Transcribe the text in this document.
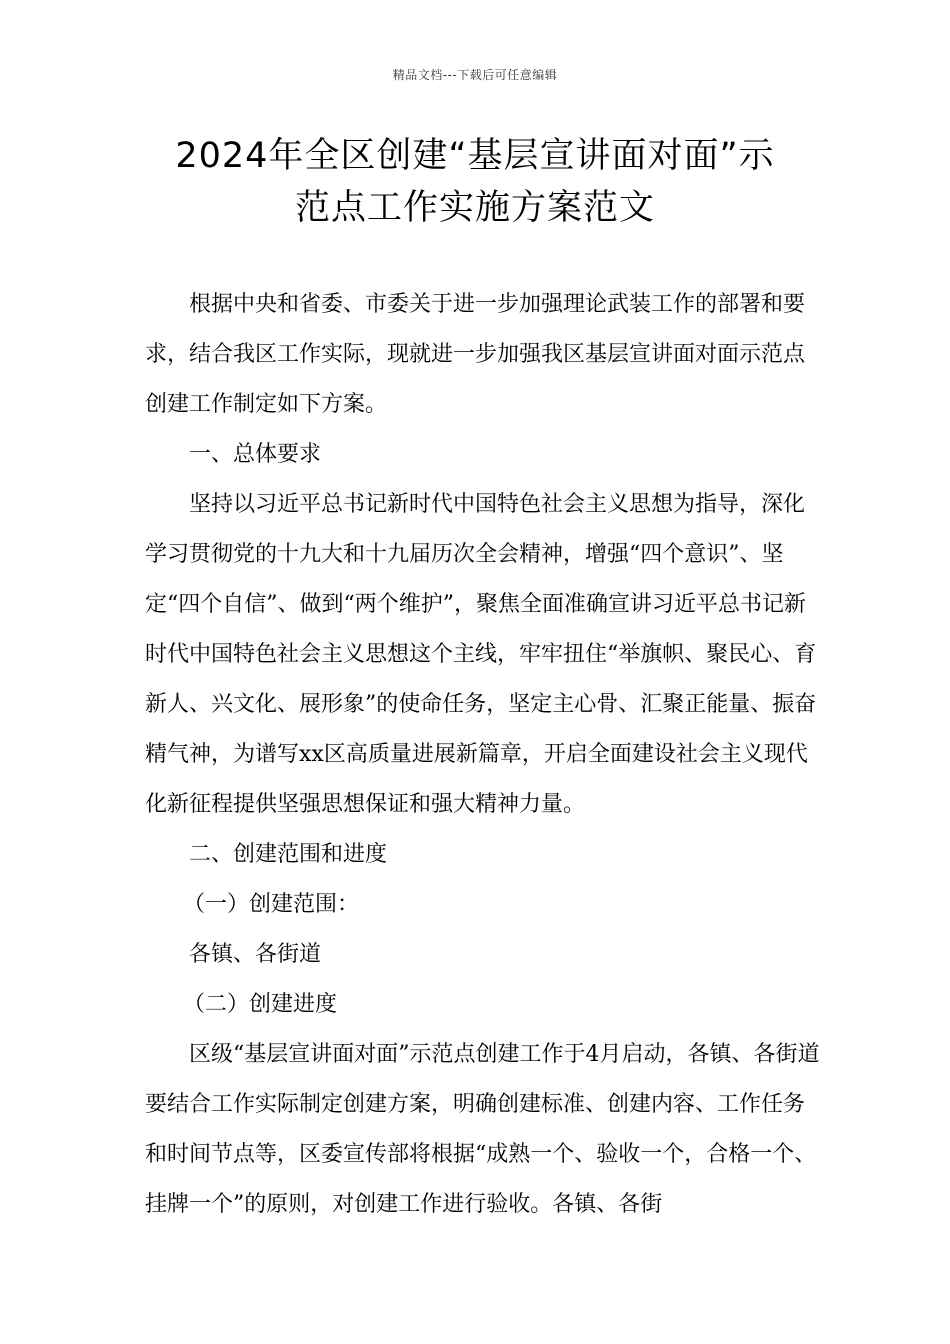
精品文档---下载后可任意编辑
2024年全区创建“基层宣讲面对面”示
范点工作实施方案范文

根据中央和省委、市委关于进一步加强理论武装工作的部署和要求，结合我区工作实际，现就进一步加强我区基层宣讲面对面示范点创建工作制定如下方案。

一、总体要求

坚持以习近平总书记新时代中国特色社会主义思想为指导，深化学习贯彻党的十九大和十九届历次全会精神，增强“四个意识”、坚定“四个自信”、做到“两个维护”，聚焦全面准确宣讲习近平总书记新时代中国特色社会主义思想这个主线，牢牢扭住“举旗帜、聚民心、育新人、兴文化、展形象”的使命任务，坚定主心骨、汇聚正能量、振奋精气神，为谱写xx区高质量进展新篇章，开启全面建设社会主义现代化新征程提供坚强思想保证和强大精神力量。

二、创建范围和进度

（一）创建范围：

各镇、各街道

（二）创建进度

区级“基层宣讲面对面”示范点创建工作于4月启动，各镇、各街道要结合工作实际制定创建方案，明确创建标准、创建内容、工作任务和时间节点等，区委宣传部将根据“成熟一个、验收一个，合格一个、挂牌一个”的原则，对创建工作进行验收。各镇、各街
